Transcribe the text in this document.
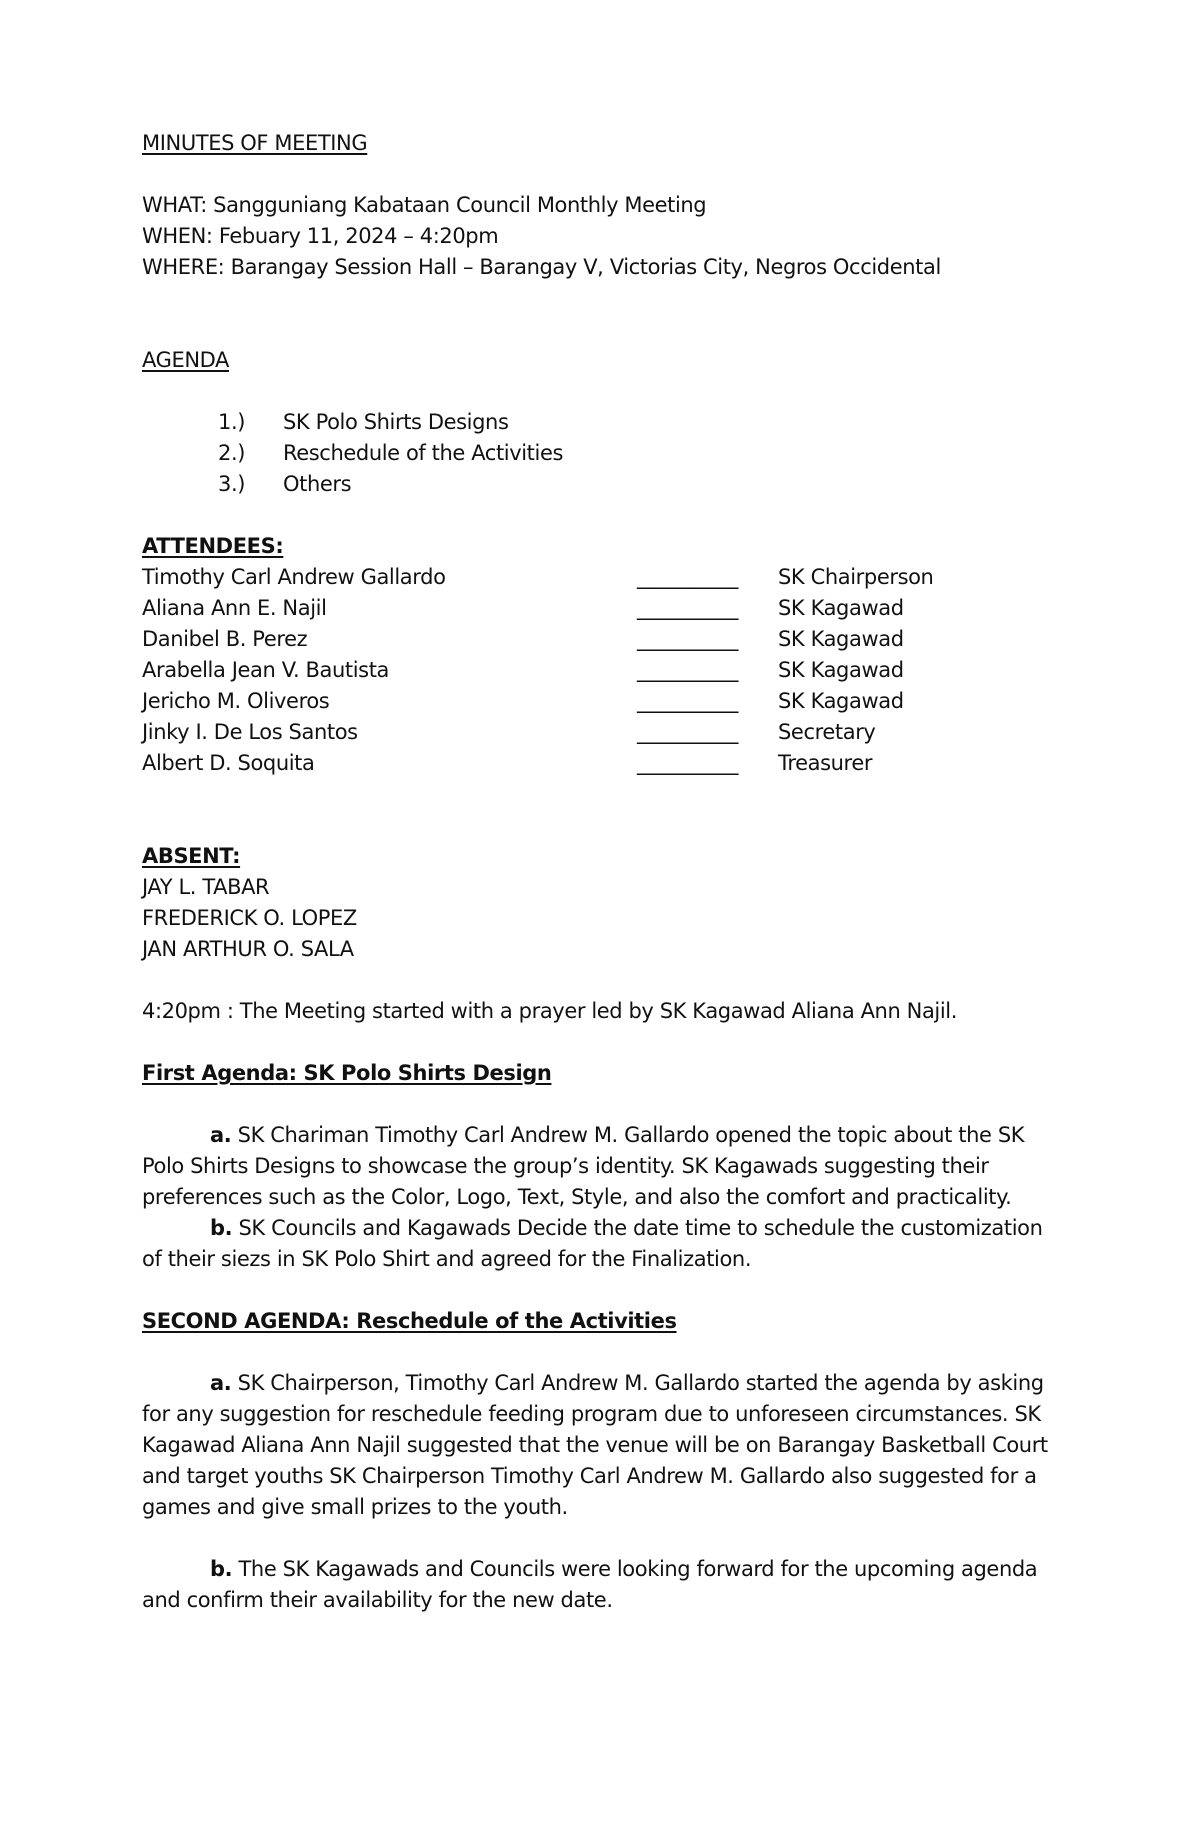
MINUTES OF MEETING
WHAT: Sangguniang Kabataan Council Monthly Meeting
WHEN: Febuary 11, 2024 – 4:20pm
WHERE: Barangay Session Hall – Barangay V, Victorias City, Negros Occidental
AGENDA
1.)	SK Polo Shirts Designs
2.)	Reschedule of the Activities
3.)	Others
ATTENDEES:
Timothy Carl Andrew Gallardo	__________ SK Chairperson
Aliana Ann E. Najil	__________ SK Kagawad
Danibel B. Perez	__________ SK Kagawad
Arabella Jean V. Bautista	__________ SK Kagawad
Jericho M. Oliveros	__________ SK Kagawad
Jinky I. De Los Santos	__________ Secretary
Albert D. Soquita	__________ Treasurer
ABSENT:
JAY L. TABAR
FREDERICK O. LOPEZ
JAN ARTHUR O. SALA
4:20pm : The Meeting started with a prayer led by SK Kagawad Aliana Ann Najil.
First Agenda: SK Polo Shirts Design
a. SK Chariman Timothy Carl Andrew M. Gallardo opened the topic about the SK Polo Shirts Designs to showcase the group’s identity. SK Kagawads suggesting their preferences such as the Color, Logo, Text, Style, and also the comfort and practicality.
b. SK Councils and Kagawads Decide the date time to schedule the customization of their siezs in SK Polo Shirt and agreed for the Finalization.
SECOND AGENDA: Reschedule of the Activities
a. SK Chairperson, Timothy Carl Andrew M. Gallardo started the agenda by asking for any suggestion for reschedule feeding program due to unforeseen circumstances. SK Kagawad Aliana Ann Najil suggested that the venue will be on Barangay Basketball Court and target youths SK Chairperson Timothy Carl Andrew M. Gallardo also suggested for a games and give small prizes to the youth.
b. The SK Kagawads and Councils were looking forward for the upcoming agenda and confirm their availability for the new date.
